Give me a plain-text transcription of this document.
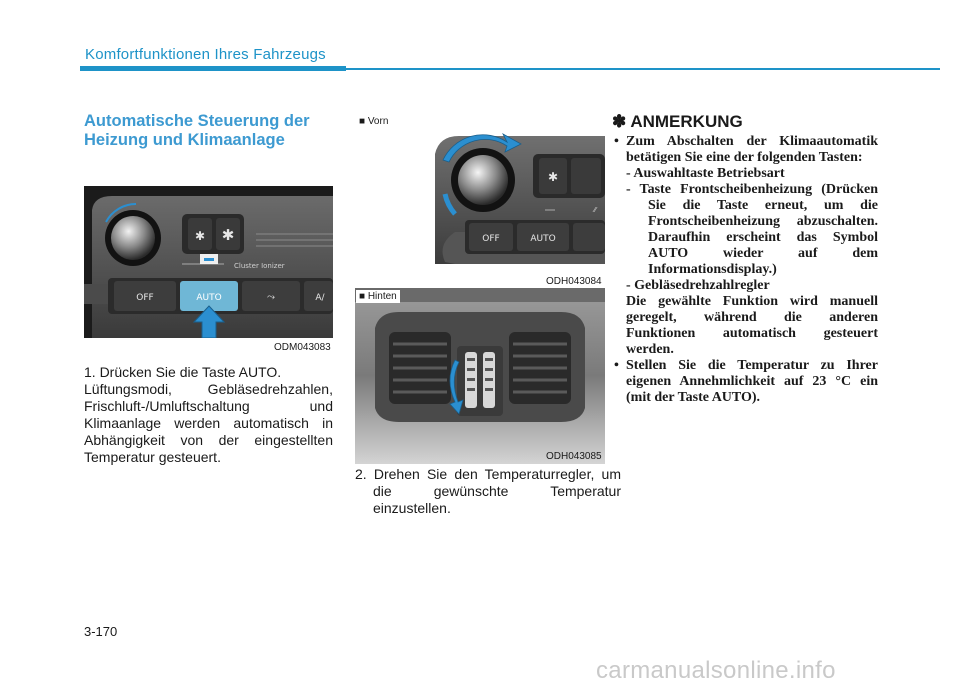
Komfortfunktionen Ihres Fahrzeugs
Automatische Steuerung der Heizung und Klimaanlage
✱ ✱
Cluster Ionizer
OFF	AUTO	⤳	A/
ODM043083
1. Drücken Sie die Taste AUTO.
Lüftungsmodi, Gebläsedrehzahlen, Frischluft-/Umluftschaltung und Klimaanlage werden automatisch in Abhängigkeit von der eingestellten Temperatur gesteuert.
✱
⁄⁄
OFF	AUTO
■ Vorn
ODH043084
■ Hinten
ODH043085
2. Drehen Sie den Temperaturregler, um die gewünschte Temperatur einzustellen.
✽ ANMERKUNG
• Zum Abschalten der Klimaautomatik betätigen Sie eine der folgenden Tasten:
- Auswahltaste Betriebsart
- Taste Frontscheibenheizung (Drücken Sie die Taste erneut, um die Frontscheibenheizung abzuschalten. Daraufhin erscheint das Symbol AUTO wieder auf dem Informationsdisplay.)
- Gebläsedrehzahlregler
Die gewählte Funktion wird manuell geregelt, während die anderen Funktionen automatisch gesteuert werden.
• Stellen Sie die Temperatur zu Ihrer eigenen Annehmlichkeit auf 23 °C ein (mit der Taste AUTO).
3-170
carmanualsonline.info
